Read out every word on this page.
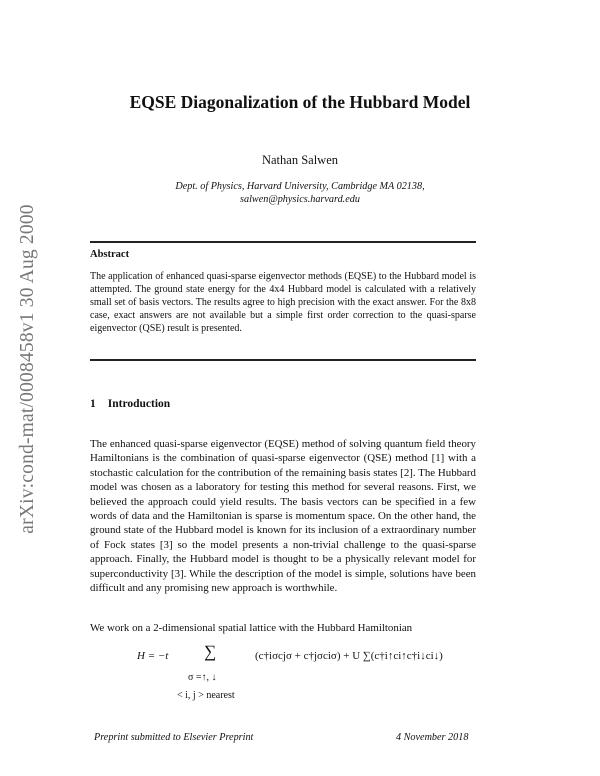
arXiv:cond-mat/0008458v1 30 Aug 2000
EQSE Diagonalization of the Hubbard Model
Nathan Salwen
Dept. of Physics, Harvard University, Cambridge MA 02138,
salwen@physics.harvard.edu
Abstract
The application of enhanced quasi-sparse eigenvector methods (EQSE) to the Hubbard model is attempted. The ground state energy for the 4x4 Hubbard model is calculated with a relatively small set of basis vectors. The results agree to high precision with the exact answer. For the 8x8 case, exact answers are not available but a simple first order correction to the quasi-sparse eigenvector (QSE) result is presented.
1 Introduction
The enhanced quasi-sparse eigenvector (EQSE) method of solving quantum field theory Hamiltonians is the combination of quasi-sparse eigenvector (QSE) method [1] with a stochastic calculation for the contribution of the remaining basis states [2]. The Hubbard model was chosen as a laboratory for testing this method for several reasons. First, we believed the approach could yield results. The basis vectors can be specified in a few words of data and the Hamiltonian is sparse is momentum space. On the other hand, the ground state of the Hubbard model is known for its inclusion of a extraordinary number of Fock states [3] so the model presents a non-trivial challenge to the quasi-sparse approach. Finally, the Hubbard model is thought to be a physically relevant model for superconductivity [3]. While the description of the model is simple, solutions have been difficult and any promising new approach is worthwhile.
We work on a 2-dimensional spatial lattice with the Hubbard Hamiltonian
H = −t ∑	(c†iσcjσ + c†jσciσ) + U ∑(c†i↑ci↑c†i↓ci↓)
σ =↑, ↓
< i, j > nearest
Preprint submitted to Elsevier Preprint	4 November 2018
